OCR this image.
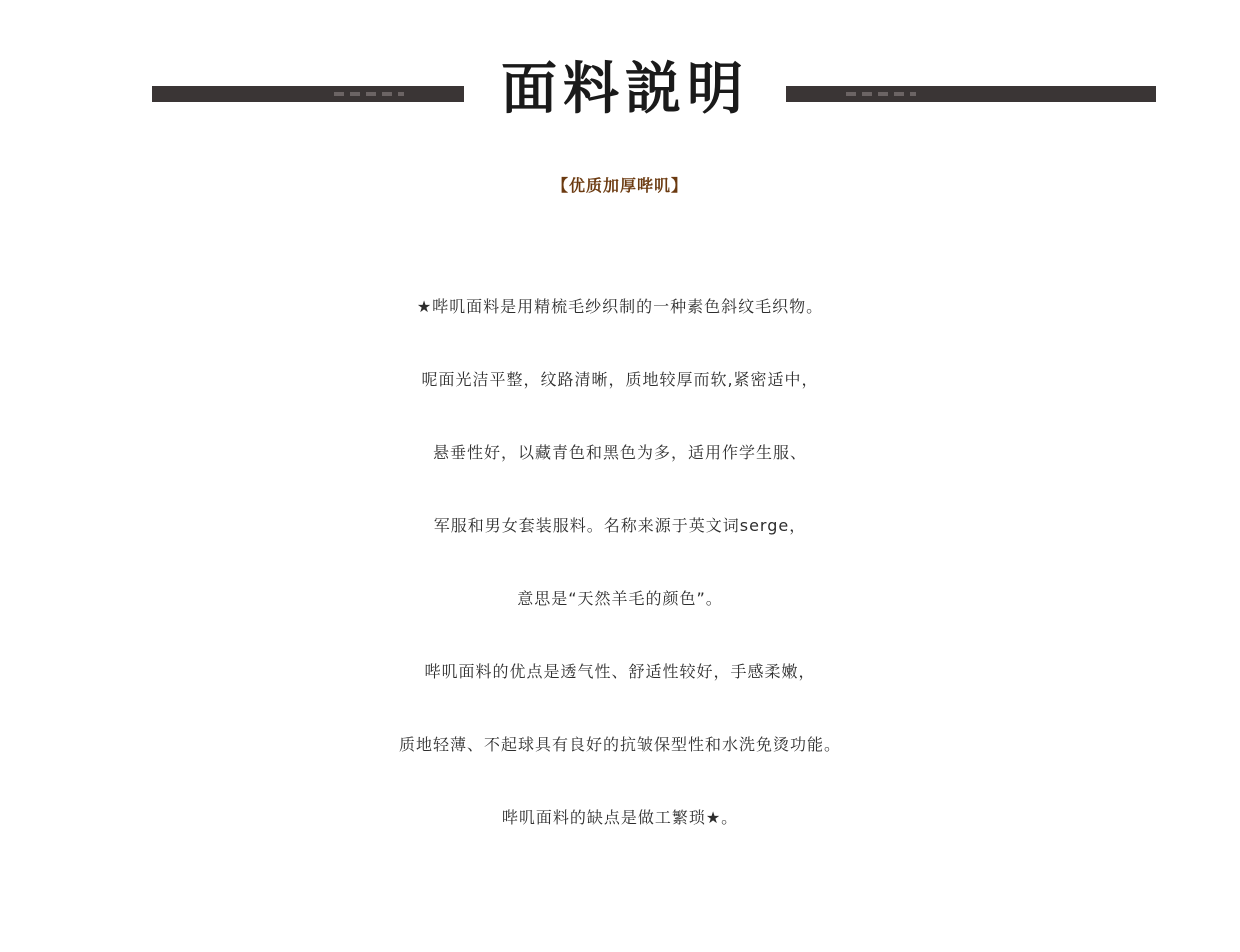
面料説明
【优质加厚哔叽】
★哔叽面料是用精梳毛纱织制的一种素色斜纹毛织物。
呢面光洁平整，纹路清晰，质地较厚而软,紧密适中，
悬垂性好，以藏青色和黑色为多，适用作学生服、
军服和男女套装服料。名称来源于英文词serge，
意思是“天然羊毛的颜色”。
哔叽面料的优点是透气性、舒适性较好，手感柔嫩，
质地轻薄、不起球具有良好的抗皱保型性和水洗免烫功能。
哔叽面料的缺点是做工繁琐★。
